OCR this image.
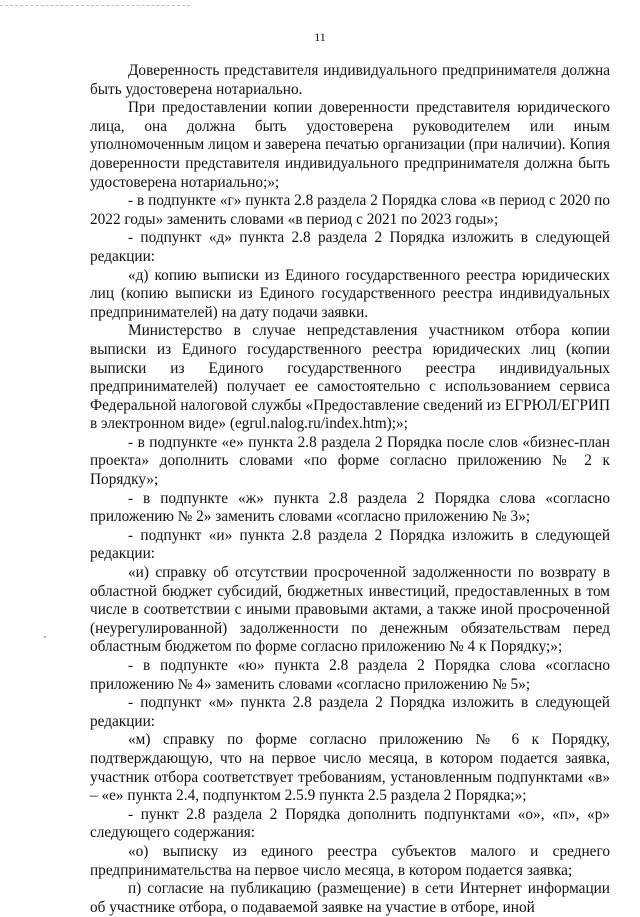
11

Доверенность представителя индивидуального предпринимателя должна быть удостоверена нотариально.

При предоставлении копии доверенности представителя юридического лица, она должна быть удостоверена руководителем или иным уполномоченным лицом и заверена печатью организации (при наличии). Копия доверенности представителя индивидуального предпринимателя должна быть удостоверена нотариально;»;

- в подпункте «г» пункта 2.8 раздела 2 Порядка слова «в период с 2020 по 2022 годы» заменить словами «в период с 2021 по 2023 годы»;

- подпункт «д» пункта 2.8 раздела 2 Порядка изложить в следующей редакции:

«д) копию выписки из Единого государственного реестра юридических лиц (копию выписки из Единого государственного реестра индивидуальных предпринимателей) на дату подачи заявки.

Министерство в случае непредставления участником отбора копии выписки из Единого государственного реестра юридических лиц (копии выписки из Единого государственного реестра индивидуальных предпринимателей) получает ее самостоятельно с использованием сервиса Федеральной налоговой службы «Предоставление сведений из ЕГРЮЛ/ЕГРИП в электронном виде» (egrul.nalog.ru/index.htm);»;

- в подпункте «е» пункта 2.8 раздела 2 Порядка после слов «бизнес-план проекта» дополнить словами «по форме согласно приложению № 2 к Порядку»;

- в подпункте «ж» пункта 2.8 раздела 2 Порядка слова «согласно приложению № 2» заменить словами «согласно приложению № 3»;

- подпункт «и» пункта 2.8 раздела 2 Порядка изложить в следующей редакции:

«и) справку об отсутствии просроченной задолженности по возврату в областной бюджет субсидий, бюджетных инвестиций, предоставленных в том числе в соответствии с иными правовыми актами, а также иной просроченной (неурегулированной) задолженности по денежным обязательствам перед областным бюджетом по форме согласно приложению № 4 к Порядку;»;

- в подпункте «ю» пункта 2.8 раздела 2 Порядка слова «согласно приложению № 4» заменить словами «согласно приложению № 5»;

- подпункт «м» пункта 2.8 раздела 2 Порядка изложить в следующей редакции:

«м) справку по форме согласно приложению № 6 к Порядку, подтверждающую, что на первое число месяца, в котором подается заявка, участник отбора соответствует требованиям, установленным подпунктами «в» – «е» пункта 2.4, подпунктом 2.5.9 пункта 2.5 раздела 2 Порядка;»;

- пункт 2.8 раздела 2 Порядка дополнить подпунктами «о», «п», «р» следующего содержания:

«о) выписку из единого реестра субъектов малого и среднего предпринимательства на первое число месяца, в котором подается заявка;

п) согласие на публикацию (размещение) в сети Интернет информации об участнике отбора, о подаваемой заявке на участие в отборе, иной
